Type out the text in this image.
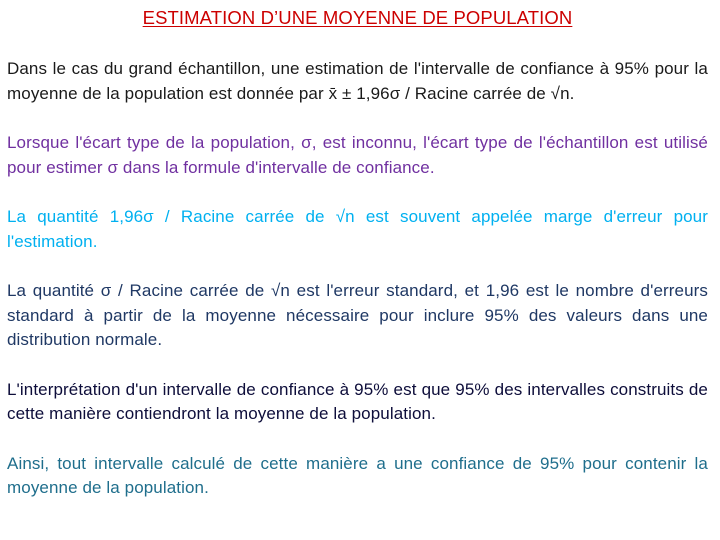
ESTIMATION D’UNE MOYENNE DE POPULATION

Dans le cas du grand échantillon, une estimation de l'intervalle de confiance à 95% pour la moyenne de la population est donnée par x̄ ± 1,96σ / Racine carrée de √n.

Lorsque l'écart type de la population, σ, est inconnu, l'écart type de l'échantillon est utilisé pour estimer σ dans la formule d'intervalle de confiance.

La quantité 1,96σ / Racine carrée de √n est souvent appelée marge d'erreur pour l'estimation.

La quantité σ / Racine carrée de √n est l'erreur standard, et 1,96 est le nombre d'erreurs standard à partir de la moyenne nécessaire pour inclure 95% des valeurs dans une distribution normale.

L'interprétation d'un intervalle de confiance à 95% est que 95% des intervalles construits de cette manière contiendront la moyenne de la population.

Ainsi, tout intervalle calculé de cette manière a une confiance de 95% pour contenir la moyenne de la population.
